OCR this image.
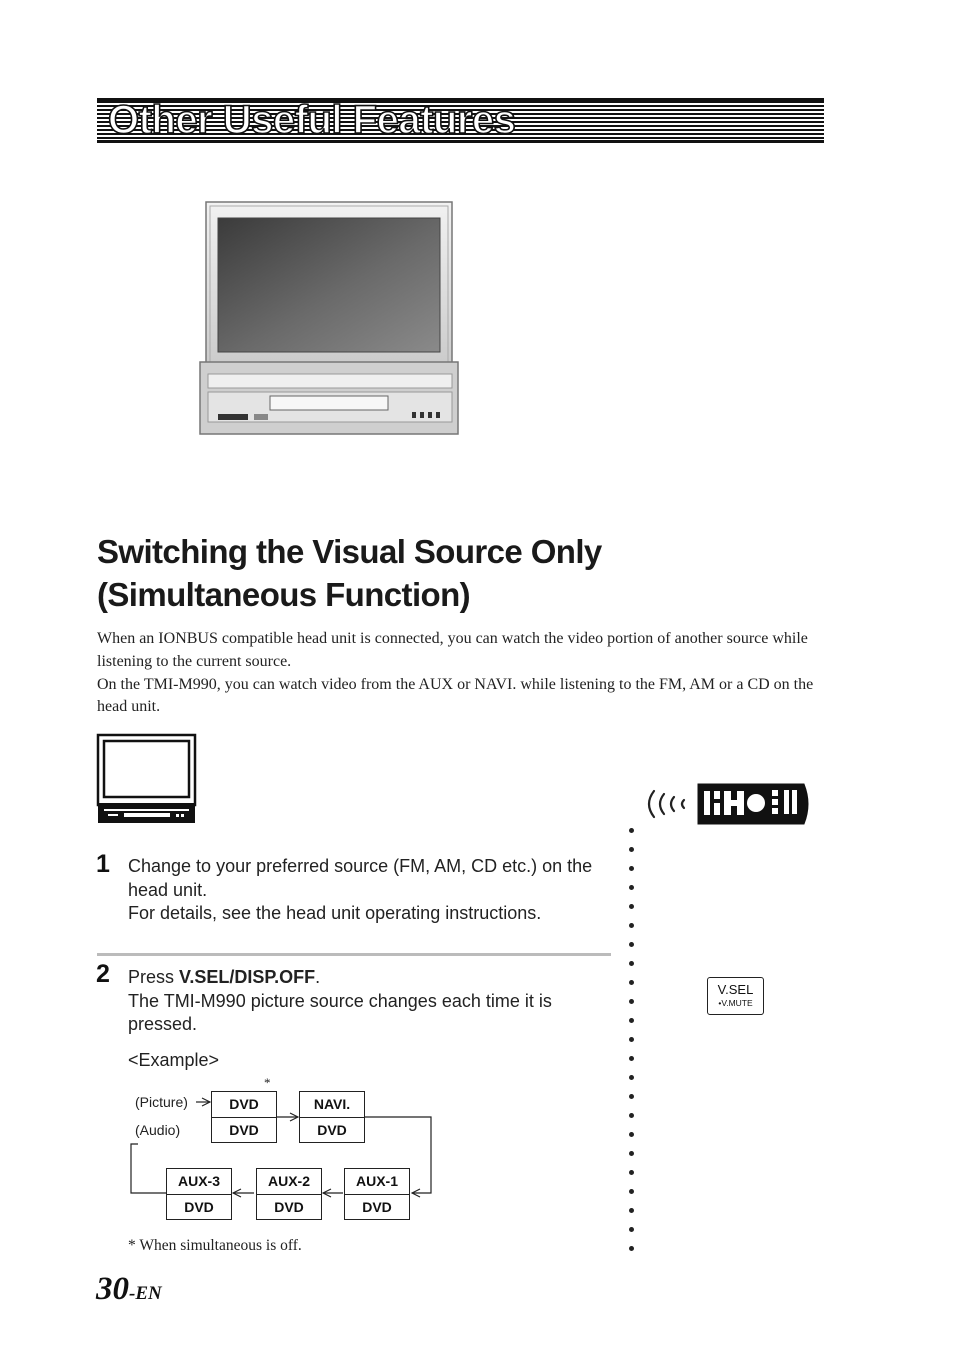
Other Useful Features
Switching the Visual Source Only
(Simultaneous Function)

When an IONBUS compatible head unit is connected, you can watch the video portion of another source while listening to the current source.

On the TMI-M990, you can watch video from the AUX or NAVI. while listening to the FM, AM or a CD on the head unit.

1 Change to your preferred source (FM, AM, CD etc.) on the head unit.

For details, see the head unit operating instructions.

2 Press V.SEL/DISP.OFF.

The TMI-M990 picture source changes each time it is pressed.

<Example>
V.SEL
•V.MUTE
(Picture)
(Audio)
*
DVD
DVD
NAVI.
DVD
AUX-1
DVD
AUX-2
DVD
AUX-3
DVD
* When simultaneous is off.
30-EN
